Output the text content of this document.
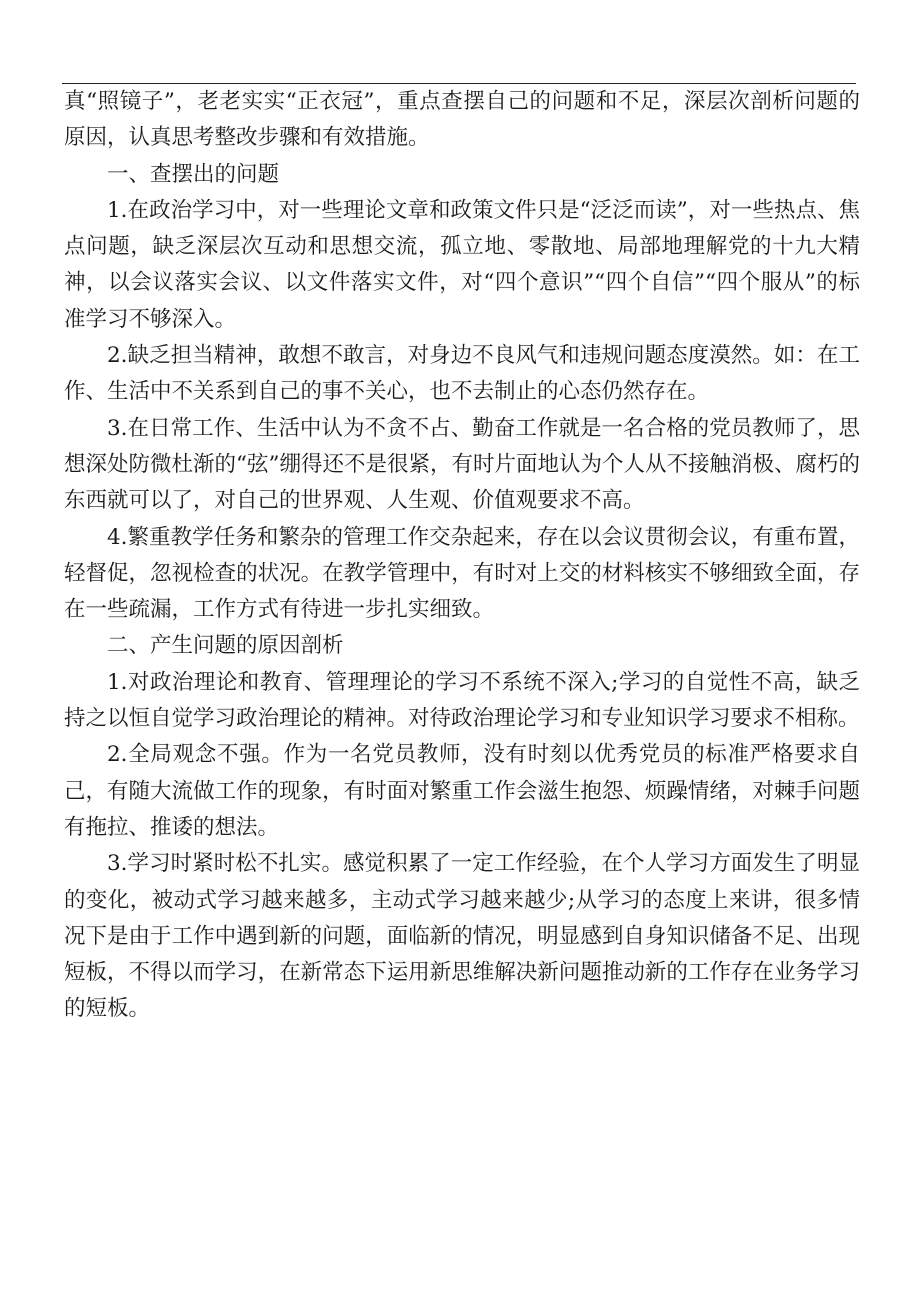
真“照镜子”，老老实实“正衣冠”，重点查摆自己的问题和不足，深层次剖析问题的原因，认真思考整改步骤和有效措施。

一、查摆出的问题

1.在政治学习中，对一些理论文章和政策文件只是“泛泛而读”，对一些热点、焦点问题，缺乏深层次互动和思想交流，孤立地、零散地、局部地理解党的十九大精神，以会议落实会议、以文件落实文件，对“四个意识”“四个自信”“四个服从”的标准学习不够深入。

2.缺乏担当精神，敢想不敢言，对身边不良风气和违规问题态度漠然。如：在工作、生活中不关系到自己的事不关心，也不去制止的心态仍然存在。

3.在日常工作、生活中认为不贪不占、勤奋工作就是一名合格的党员教师了，思想深处防微杜渐的“弦”绷得还不是很紧，有时片面地认为个人从不接触消极、腐朽的东西就可以了，对自己的世界观、人生观、价值观要求不高。

4.繁重教学任务和繁杂的管理工作交杂起来，存在以会议贯彻会议，有重布置，轻督促，忽视检查的状况。在教学管理中，有时对上交的材料核实不够细致全面，存在一些疏漏，工作方式有待进一步扎实细致。

二、产生问题的原因剖析

1.对政治理论和教育、管理理论的学习不系统不深入;学习的自觉性不高，缺乏持之以恒自觉学习政治理论的精神。对待政治理论学习和专业知识学习要求不相称。

2.全局观念不强。作为一名党员教师，没有时刻以优秀党员的标准严格要求自己，有随大流做工作的现象，有时面对繁重工作会滋生抱怨、烦躁情绪，对棘手问题有拖拉、推诿的想法。

3.学习时紧时松不扎实。感觉积累了一定工作经验，在个人学习方面发生了明显的变化，被动式学习越来越多，主动式学习越来越少;从学习的态度上来讲，很多情况下是由于工作中遇到新的问题，面临新的情况，明显感到自身知识储备不足、出现短板，不得以而学习，在新常态下运用新思维解决新问题推动新的工作存在业务学习的短板。
